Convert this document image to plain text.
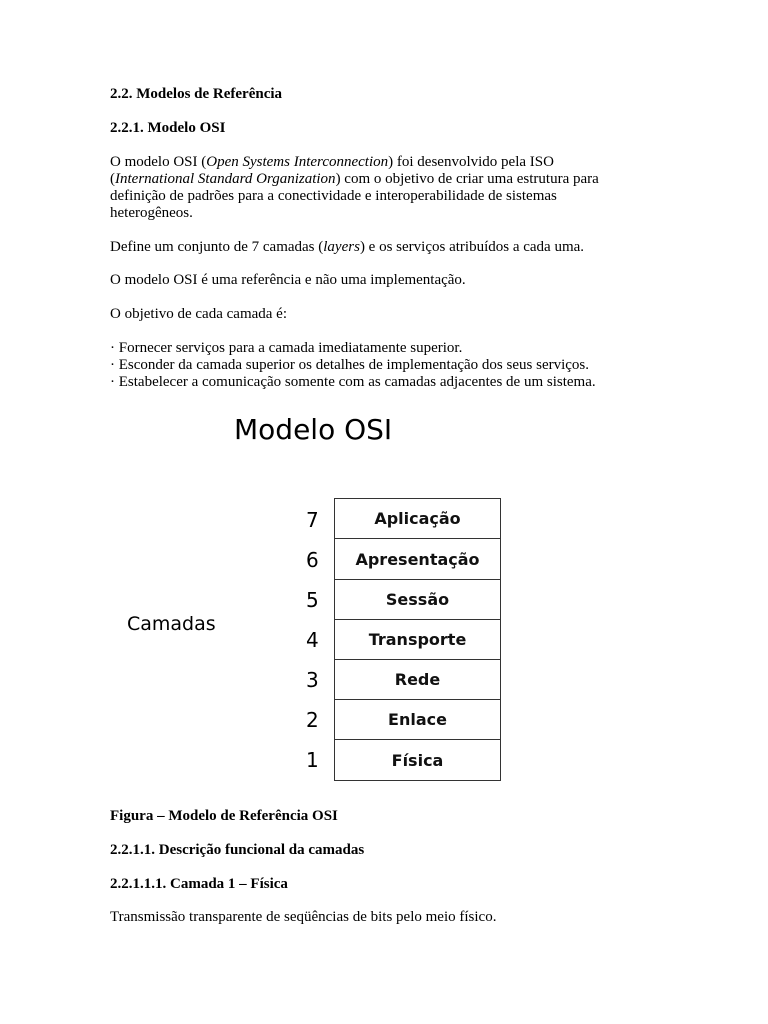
2.2. Modelos de Referência
2.2.1. Modelo OSI

O modelo OSI (Open Systems Interconnection) foi desenvolvido pela ISO

(International Standard Organization) com o objetivo de criar uma estrutura para

definição de padrões para a conectividade e interoperabilidade de sistemas

heterogêneos.

Define um conjunto de 7 camadas (layers) e os serviços atribuídos a cada uma.

O modelo OSI é uma referência e não uma implementação.

O objetivo de cada camada é:

· Fornecer serviços para a camada imediatamente superior.

· Esconder da camada superior os detalhes de implementação dos seus serviços.

· Estabelecer a comunicação somente com as camadas adjacentes de um sistema.

Modelo OSI
Camadas
7
6
5
4
3
2
1
Aplicação
Apresentação
Sessão
Transporte
Rede
Enlace
Física

Figura – Modelo de Referência OSI

2.2.1.1. Descrição funcional da camadas
2.2.1.1.1. Camada 1 – Física

Transmissão transparente de seqüências de bits pelo meio físico.
